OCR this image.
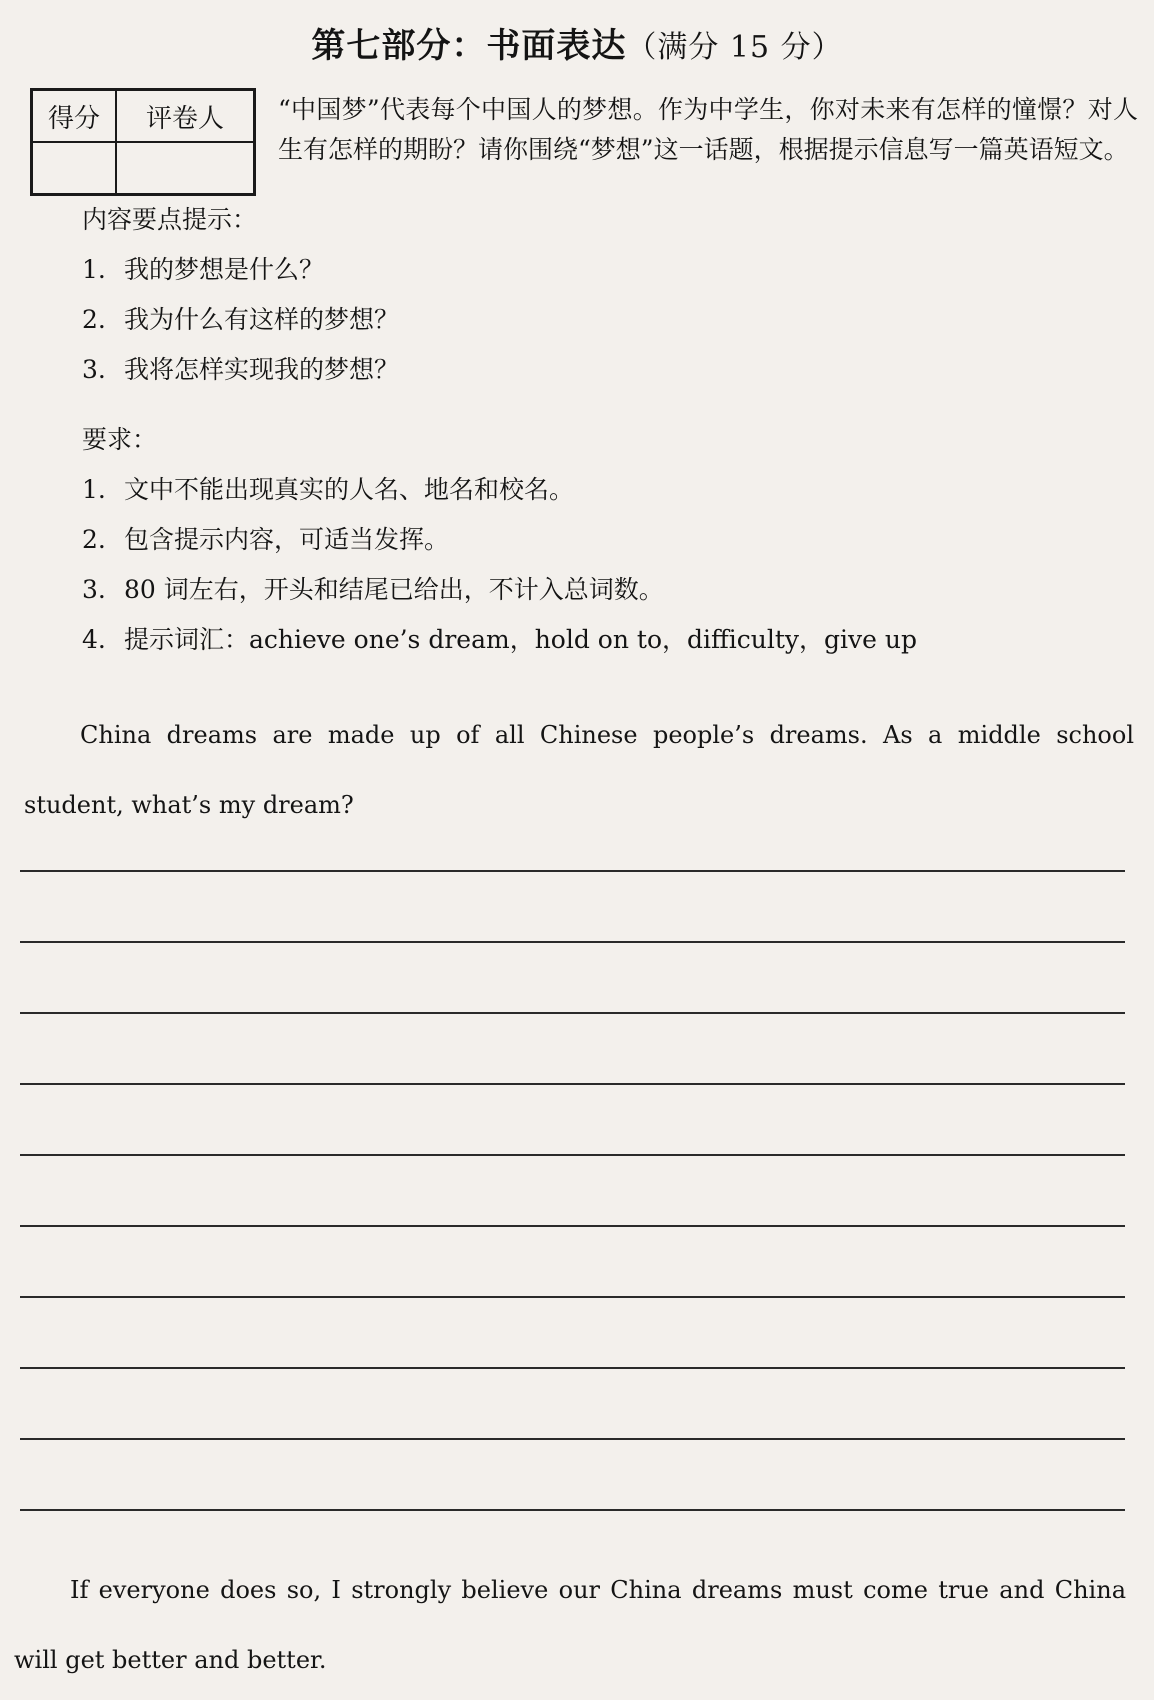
第七部分：书面表达（满分 15 分）
得分	评卷人
	“中国梦”代表每个中国人的梦想。作为中学生，你对未来有怎样的憧憬？对人生有怎样的期盼？请你围绕“梦想”这一话题，根据提示信息写一篇英语短文。
内容要点提示：
1. 我的梦想是什么？
2. 我为什么有这样的梦想？
3. 我将怎样实现我的梦想？
要求：
1. 文中不能出现真实的人名、地名和校名。
2. 包含提示内容，可适当发挥。
3. 80 词左右，开头和结尾已给出，不计入总词数。
4. 提示词汇：achieve one’s dream，hold on to，difficulty，give up
China dreams are made up of all Chinese people’s dreams. As a middle school student, what’s my dream?
If everyone does so, I strongly believe our China dreams must come true and China will get better and better.
